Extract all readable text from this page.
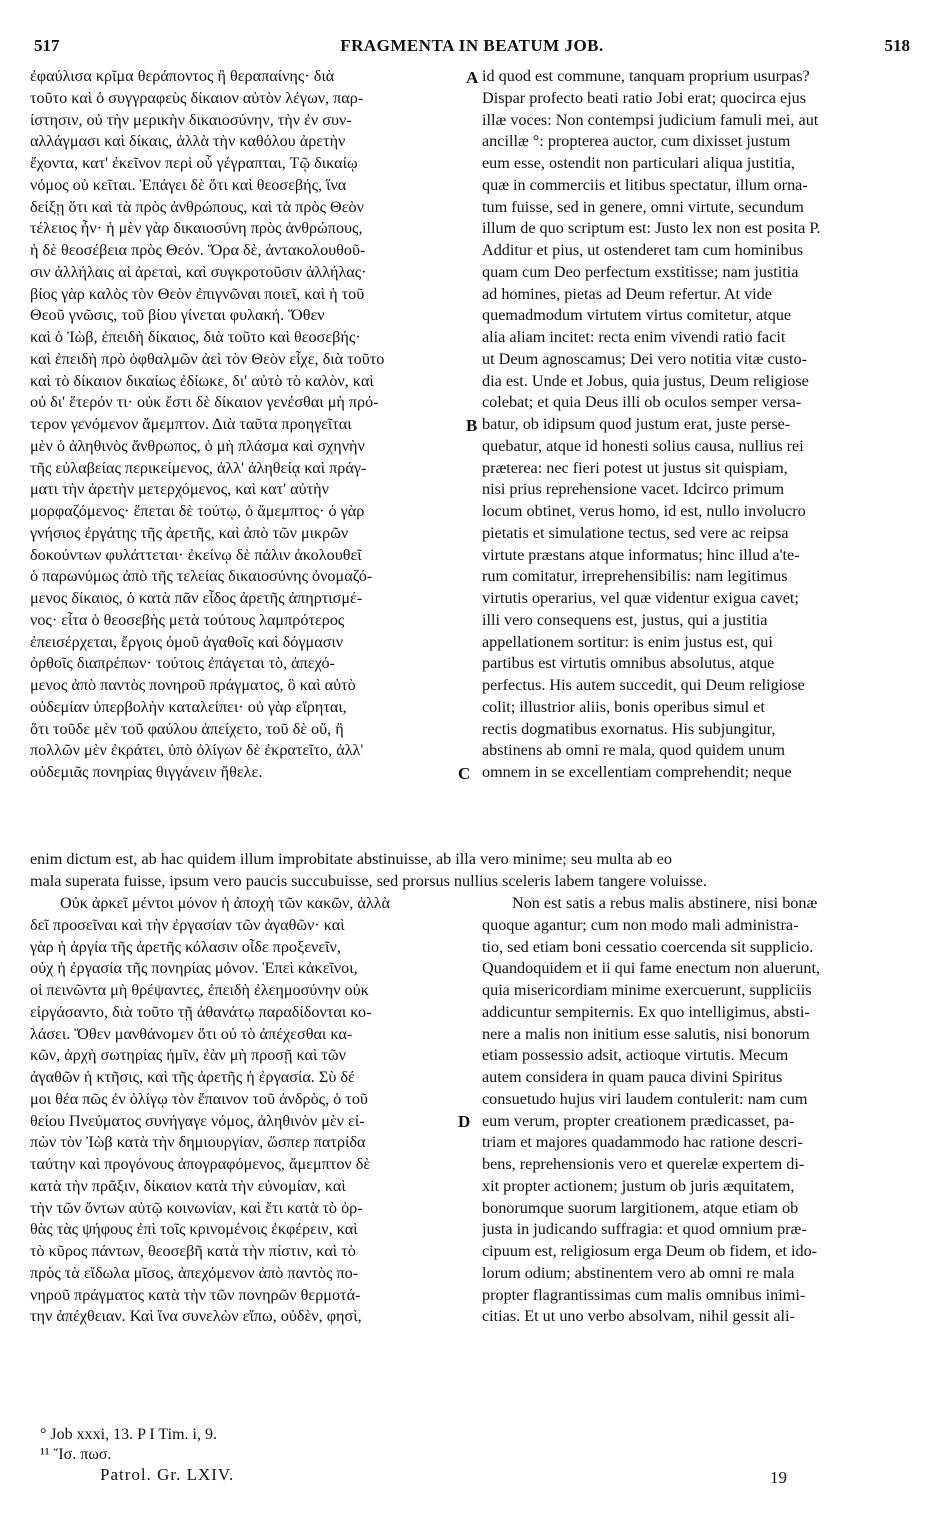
517	FRAGMENTA IN BEATUM JOB.	518
ἐφαύλισα κρῖμα θεράποντος ἢ θεραπαίνης· διὰ
τοῦτο καὶ ὁ συγγραφεὺς δίκαιον αὐτὸν λέγων, παρ-
ίστησιν, οὐ τὴν μερικὴν δικαιοσύνην, τὴν ἐν συν-
αλλάγμασι καὶ δίκαις, ἀλλὰ τὴν καθόλου ἀρετὴν
ἔχοντα, κατ' ἐκεῖνον περὶ οὗ γέγραπται, Τῷ δικαίῳ
νόμος οὐ κεῖται. Ἐπάγει δὲ ὅτι καὶ θεοσεβής, ἵνα
δείξῃ ὅτι καὶ τὰ πρὸς ἀνθρώπους, καὶ τὰ πρὸς Θεὸν
τέλειος ἦν· ἡ μὲν γὰρ δικαιοσύνη πρὸς ἀνθρώπους,
ἡ δὲ θεοσέβεια πρὸς Θεόν. Ὅρα δὲ, ἀντακολουθοῦ-
σιν ἀλλήλαις αἱ ἀρεταὶ, καὶ συγκροτοῦσιν ἀλλήλας·
βίος γὰρ καλὸς τὸν Θεὸν ἐπιγνῶναι ποιεῖ, καὶ ἡ τοῦ
Θεοῦ γνῶσις, τοῦ βίου γίνεται φυλακή. Ὅθεν
καὶ ὁ Ἰὼβ, ἐπειδὴ δίκαιος, διὰ τοῦτο καὶ θεοσεβής·
καὶ ἐπειδὴ πρὸ ὀφθαλμῶν ἀεὶ τὸν Θεὸν εἶχε, διὰ τοῦτο
καὶ τὸ δίκαιον δικαίως ἐδίωκε, δι' αὐτὸ τὸ καλὸν, καὶ
οὐ δι' ἕτερόν τι· οὐκ ἔστι δὲ δίκαιον γενέσθαι μὴ πρό-
τερον γενόμενον ἄμεμπτον. Διὰ ταῦτα προηγεῖται
μὲν ὁ ἀληθινὸς ἄνθρωπος, ὁ μὴ πλάσμα καὶ σχηνὴν
τῆς εὐλαβείας περικείμενος, ἀλλ' ἀληθείᾳ καὶ πράγ-
ματι τὴν ἀρετὴν μετερχόμενος, καὶ κατ' αὐτὴν
μορφαζόμενος· ἕπεται δὲ τούτῳ, ὁ ἄμεμπτος· ὁ γὰρ
γνήσιος ἐργάτης τῆς ἀρετῆς, καὶ ἀπὸ τῶν μικρῶν
δοκούντων φυλάττεται· ἐκείνῳ δὲ πάλιν ἀκολουθεῖ
ὁ παρωνύμως ἀπὸ τῆς τελείας δικαιοσύνης ὀνομαζό-
μενος δίκαιος, ὁ κατὰ πᾶν εἶδος ἀρετῆς ἀπηρτισμέ-
νος· εἶτα ὁ θεοσεβὴς μετὰ τούτους λαμπρότερος
ἐπεισέρχεται, ἔργοις ὁμοῦ ἀγαθοῖς καὶ δόγμασιν
ὀρθοῖς διαπρέπων· τούτοις ἐπάγεται τὸ, ἀπεχό-
μενος ἀπὸ παντὸς πονηροῦ πράγματος, ὃ καὶ αὐτὸ
οὐδεμίαν ὑπερβολὴν καταλείπει· οὐ γὰρ εἴρηται,
ὅτι τοῦδε μὲν τοῦ φαύλου ἀπείχετο, τοῦ δὲ οὔ, ἢ
πολλῶν μὲν ἐκράτει, ὑπὸ ὀλίγων δὲ ἐκρατεῖτο, ἀλλ'
οὐδεμιᾶς πονηρίας θιγγάνειν ἤθελε.
id quod est commune, tanquam proprium usurpas?
Dispar profecto beati ratio Jobi erat; quocirca ejus
illæ voces: Non contempsi judicium famuli mei, aut
ancillæ °: propterea auctor, cum dixisset justum
eum esse, ostendit non particulari aliqua justitia,
quæ in commerciis et litibus spectatur, illum orna-
tum fuisse, sed in genere, omni virtute, secundum
illum de quo scriptum est: Justo lex non est posita P.
Additur et pius, ut ostenderet tam cum hominibus
quam cum Deo perfectum exstitisse; nam justitia
ad homines, pietas ad Deum refertur. At vide
quemadmodum virtutem virtus comitetur, atque
alia aliam incitet: recta enim vivendi ratio facit
ut Deum agnoscamus; Dei vero notitia vitæ custo-
dia est. Unde et Jobus, quia justus, Deum religiose
colebat; et quia Deus illi ob oculos semper versa-
batur, ob idipsum quod justum erat, juste perse-
quebatur, atque id honesti solius causa, nullius rei
præterea: nec fieri potest ut justus sit quispiam,
nisi prius reprehensione vacet. Idcirco primum
locum obtinet, verus homo, id est, nullo involucro
pietatis et simulatione tectus, sed vere ac reipsa
virtute præstans atque informatus; hinc illud a'te-
rum comitatur, irreprehensibilis: nam legitimus
virtutis operarius, vel quæ videntur exigua cavet;
illi vero consequens est, justus, qui a justitia
appellationem sortitur: is enim justus est, qui
partibus est virtutis omnibus absolutus, atque
perfectus. His autem succedit, qui Deum religiose
colit; illustrior aliis, bonis operibus simul et
rectis dogmatibus exornatus. His subjungitur,
abstinens ab omni re mala, quod quidem unum
omnem in se excellentiam comprehendit; neque
enim dictum est, ab hac quidem illum improbitate abstinuisse, ab illa vero minime; seu multa ab eo
mala superata fuisse, ipsum vero paucis succubuisse, sed prorsus nullius sceleris labem tangere voluisse.
Οὐκ ἀρκεῖ μέντοι μόνον ἡ ἀποχὴ τῶν κακῶν, ἀλλὰ
δεῖ προσεῖναι καὶ τὴν ἐργασίαν τῶν ἀγαθῶν· καὶ
γὰρ ἡ ἀργία τῆς ἀρετῆς κόλασιν οἶδε προξενεῖν,
οὐχ ἡ ἐργασία τῆς πονηρίας μόνον. Ἐπεὶ κἀκεῖνοι,
οἱ πεινῶντα μὴ θρέψαντες, ἐπειδὴ ἐλεημοσύνην οὐκ
εἰργάσαντο, διὰ τοῦτο τῇ ἀθανάτῳ παραδίδονται κο-
λάσει. Ὅθεν μανθάνομεν ὅτι οὐ τὸ ἀπέχεσθαι κα-
κῶν, ἀρχὴ σωτηρίας ἡμῖν, ἐὰν μὴ προσῇ καὶ τῶν
ἀγαθῶν ἡ κτῆσις, καὶ τῆς ἀρετῆς ἡ ἐργασία. Σὺ δέ
μοι θέα πῶς ἐν ὀλίγῳ τὸν ἔπαινον τοῦ ἀνδρὸς, ὁ τοῦ
θείου Πνεύματος συνήγαγε νόμος, ἀληθινὸν μὲν εἰ-
πὼν τὸν Ἰὼβ κατὰ τὴν δημιουργίαν, ὥσπερ πατρίδα
ταύτην καὶ προγόνους ἀπογραφόμενος, ἄμεμπτον δὲ
κατὰ τὴν πρᾶξιν, δίκαιον κατὰ τὴν εὐνομίαν, καὶ
τὴν τῶν ὄντων αὐτῷ κοινωνίαν, καὶ ἔτι κατὰ τὸ ὀρ-
θὰς τὰς ψήφους ἐπὶ τοῖς κρινομένοις ἐκφέρειν, καὶ
τὸ κῦρος πάντων, θεοσεβῆ κατὰ τὴν πίστιν, καὶ τὸ
πρὸς τὰ εἴδωλα μῖσος, ἀπεχόμενον ἀπὸ παντὸς πο-
νηροῦ πράγματος κατὰ τὴν τῶν πονηρῶν θερμοτά-
την ἀπέχθειαν. Καὶ ἵνα συνελὼν εἴπω, οὐδὲν, φησὶ,
Non est satis a rebus malis abstinere, nisi bonæ
quoque agantur; cum non modo mali administra-
tio, sed etiam boni cessatio coercenda sit supplicio.
Quandoquidem et ii qui fame enectum non aluerunt,
quia misericordiam minime exercuerunt, suppliciis
addicuntur sempiternis. Ex quo intelligimus, absti-
nere a malis non initium esse salutis, nisi bonorum
etiam possessio adsit, actioque virtutis. Mecum
autem considera in quam pauca divini Spiritus
consuetudo hujus viri laudem contulerit: nam cum
eum verum, propter creationem prædicasset, pa-
triam et majores quadammodo hac ratione descri-
bens, reprehensionis vero et querelæ expertem di-
xit propter actionem; justum ob juris æquitatem,
bonorumque suorum largitionem, atque etiam ob
justa in judicando suffragia: et quod omnium præ-
cipuum est, religiosum erga Deum ob fidem, et ido-
lorum odium; abstinentem vero ab omni re mala
propter flagrantissimas cum malis omnibus inimi-
citias. Et ut uno verbo absolvam, nihil gessit ali-
A
B
C
D
° Job xxxi, 13. P I Tim. i, 9.
¹¹ Ἴσ. πωσ.
Patrol. Gr. LXIV.	19
